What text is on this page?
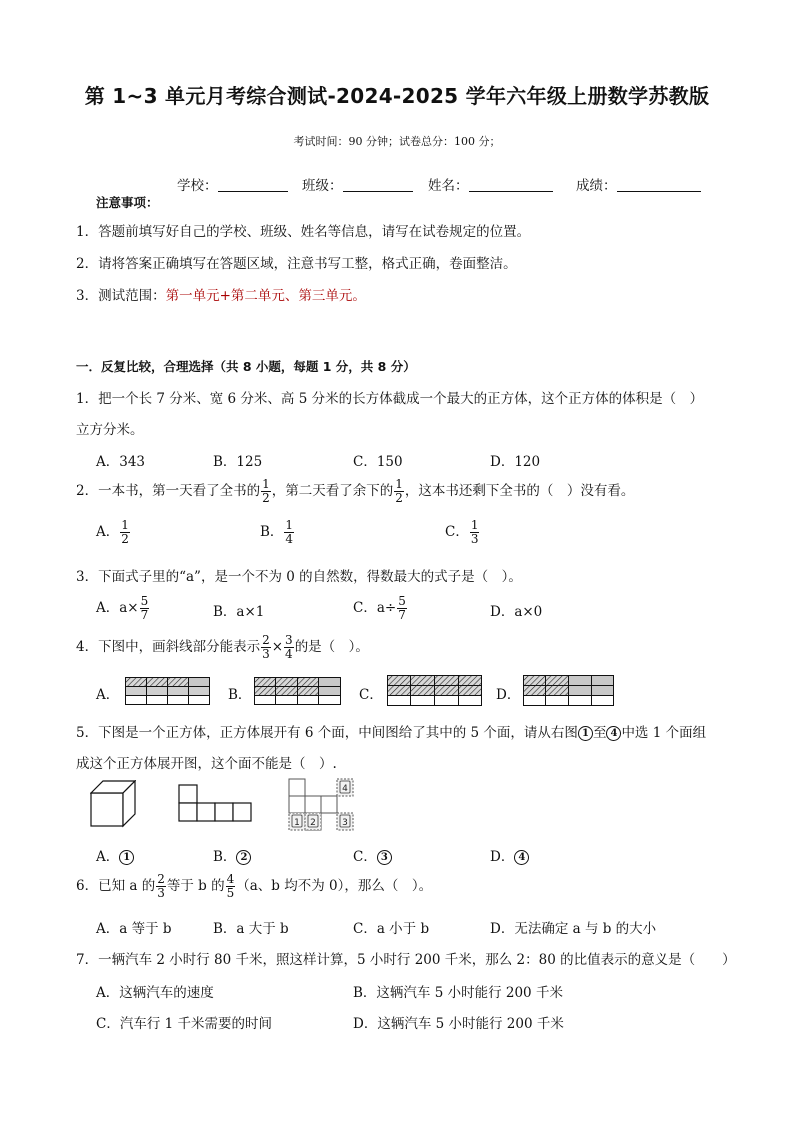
第 1~3 单元月考综合测试-2024-2025 学年六年级上册数学苏教版
考试时间：90 分钟；试卷总分：100 分；
学校：	班级：	姓名：	成绩：
注意事项：
1．答题前填写好自己的学校、班级、姓名等信息，请写在试卷规定的位置。
2．请将答案正确填写在答题区域，注意书写工整，格式正确，卷面整洁。
3．测试范围：第一单元+第二单元、第三单元。
一．反复比较，合理选择（共 8 小题，每题 1 分，共 8 分）
1．把一个长 7 分米、宽 6 分米、高 5 分米的长方体截成一个最大的正方体，这个正方体的体积是（　）
立方分米。
A．343	B．125	C．150	D．120
2．一本书，第一天看了全书的 $\frac{1}{2}$ ，第二天看了余下的 $\frac{1}{2}$ ，这本书还剩下全书的（　）没有看。
A． $\frac{1}{2}$	B． $\frac{1}{4}$	C． $\frac{1}{3}$
3．下面式子里的“a”，是一个不为 0 的自然数，得数最大的式子是（　）。
A．$a\times \frac{5}{7}$	B．a×1	C．$a\div \frac{5}{7}$	D．a×0
4．下图中，画斜线部分能表示 $\frac{2}{3} \times \frac{3}{4}$ 的是（　）。
A．	B．	C．	D．
5．下图是一个正方体，正方体展开有 6 个面，中间图给了其中的 5 个面，请从右图 1 至 4 中选 1 个面组
成这个正方体展开图，这个面不能是（　）.
4
1 2	3
A． 1	B． 2	C． 3	D． 4
6．已知 a 的 $\frac{2}{3}$ 等于 b 的 $\frac{4}{5} (a$、b 均不为 0），那么（　）。
A．a 等于 b	B．a 大于 b	C．a 小于 b	D．无法确定 a 与 b 的大小
7．一辆汽车 2 小时行 80 千米，照这样计算，5 小时行 200 千米，那么 2：80 的比值表示的意义是（　　）
A．这辆汽车的速度	B．这辆汽车 5 小时能行 200 千米
C．汽车行 1 千米需要的时间	D．这辆汽车 5 小时能行 200 千米
